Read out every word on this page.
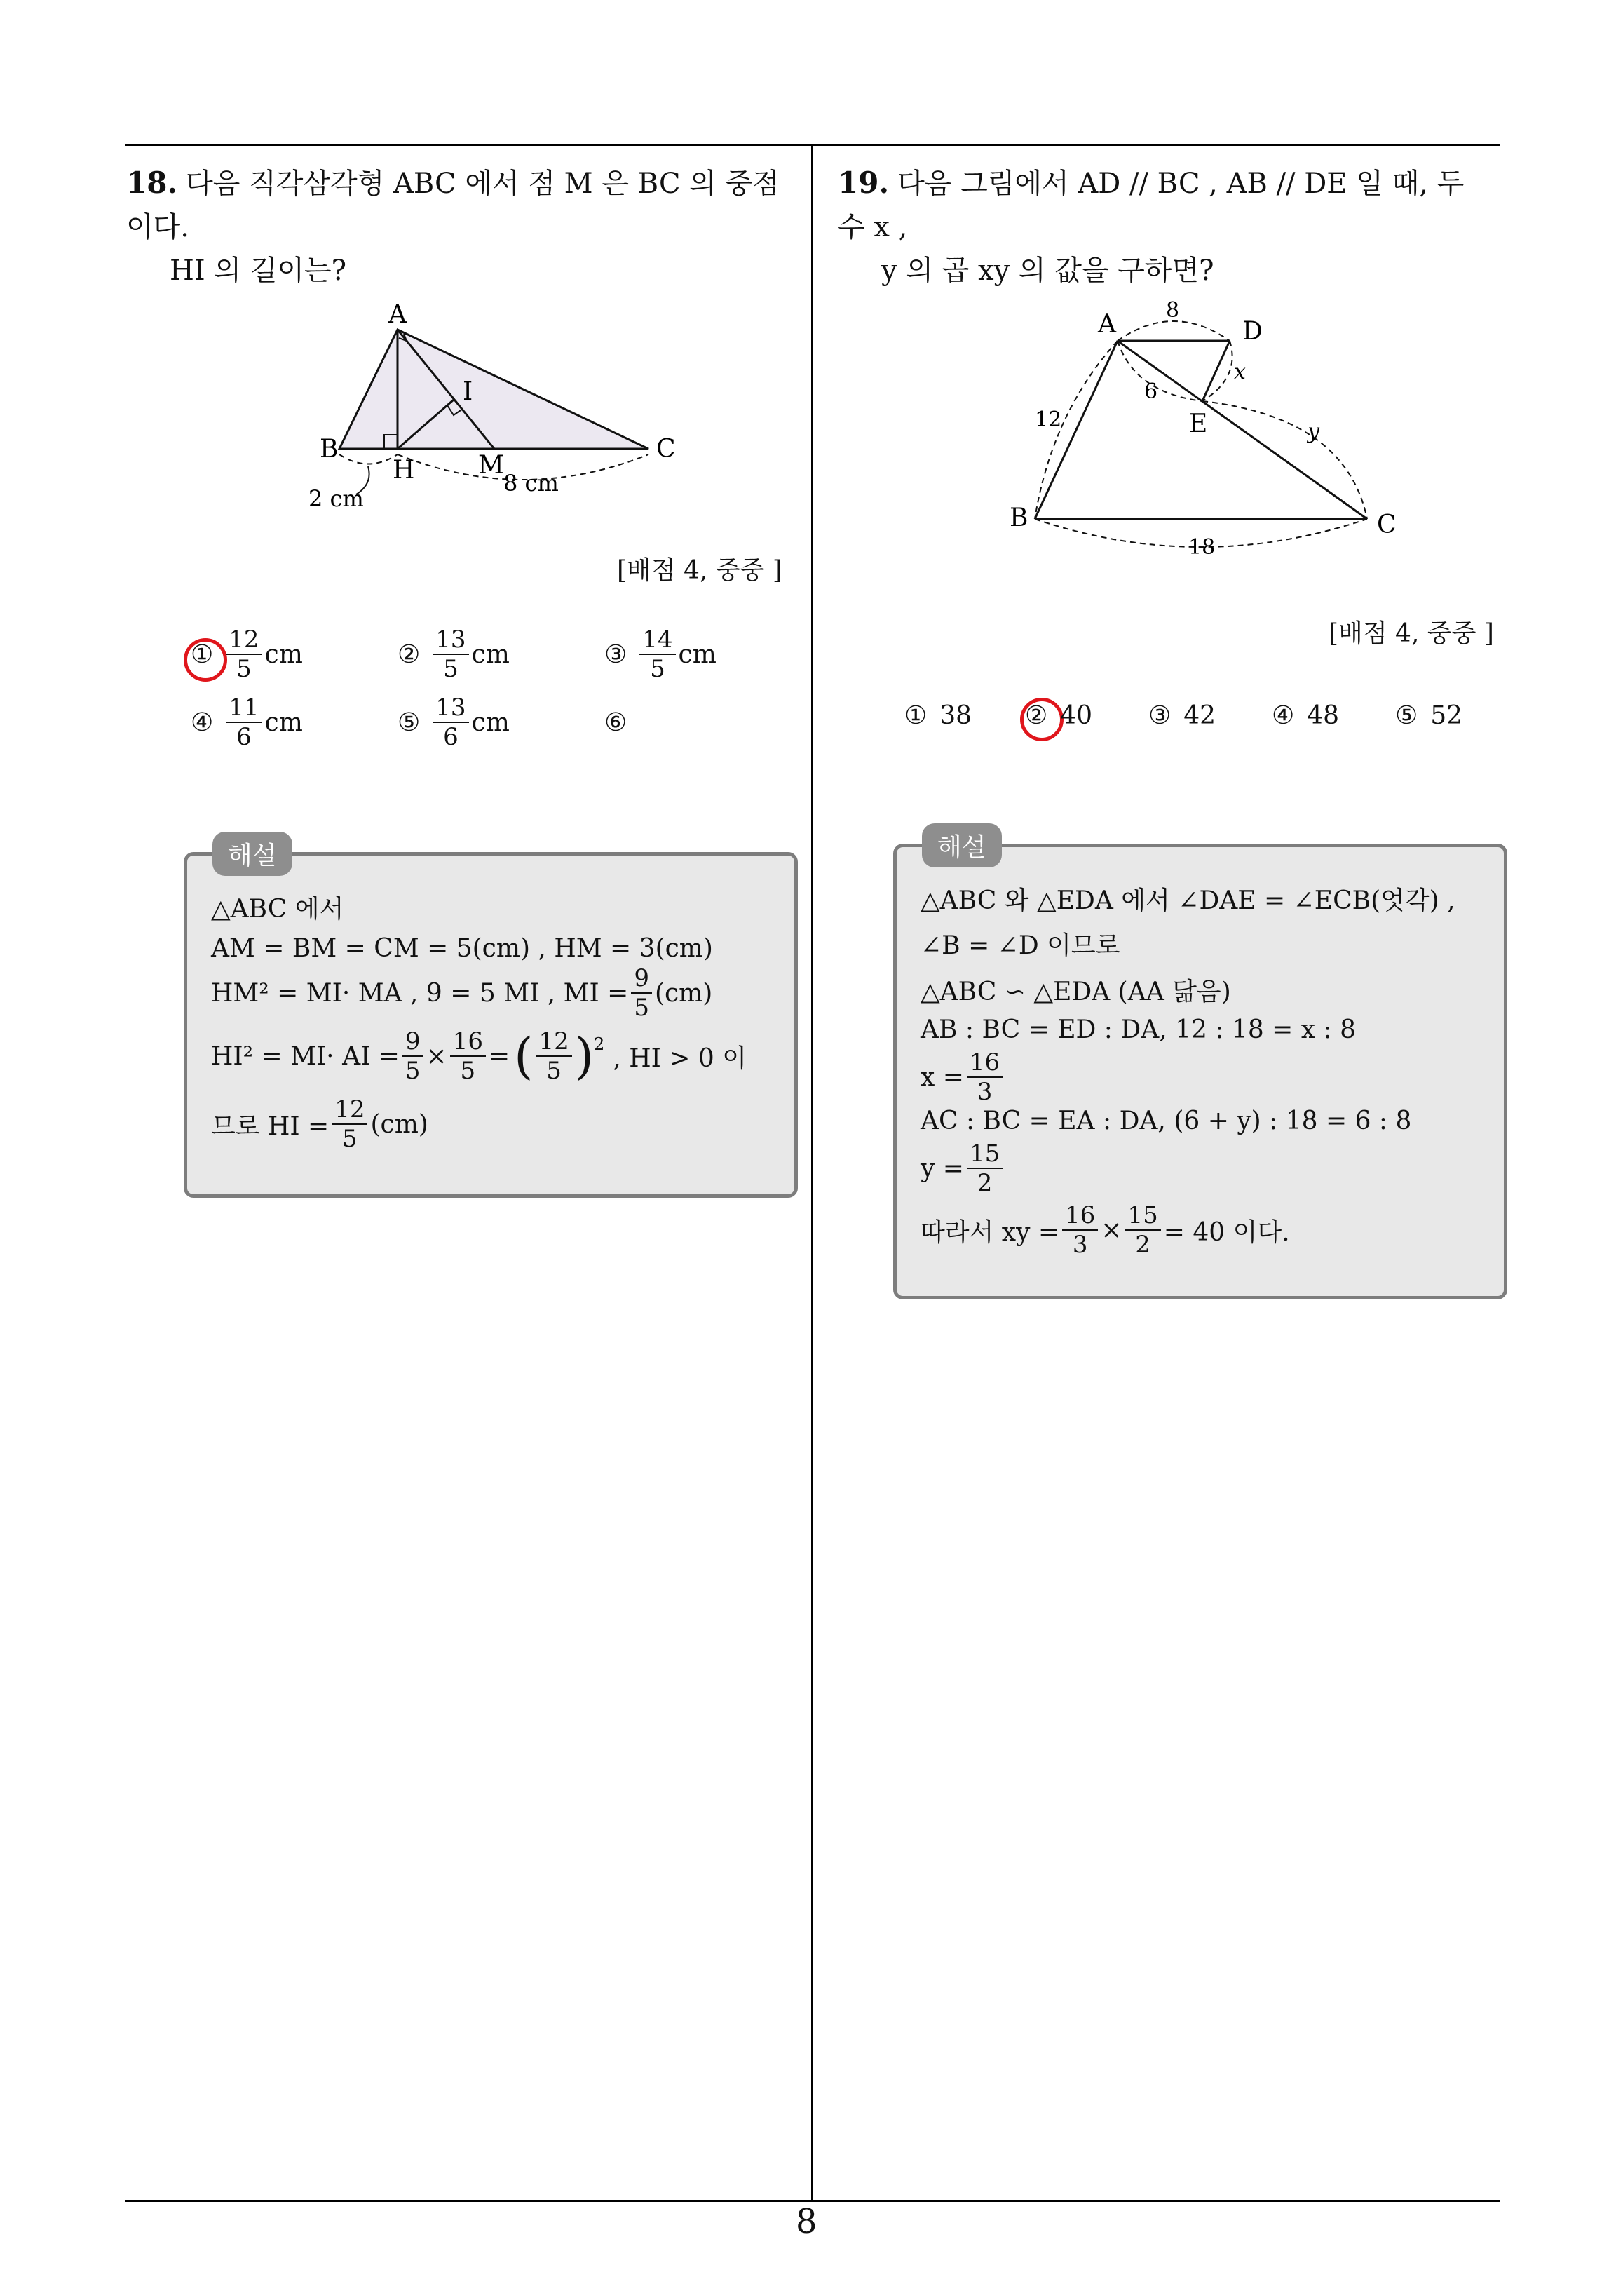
8
18. 다음 직각삼각형 ABC 에서 점 M 은 BC 의 중점이다.
HI 의 길이는?
A
B	C
H
I
M
2 cm
8 cm
[배점 4, 중중 ]
① $\frac{12}{5}$ cm	② $\frac{13}{5}$ cm	③ $\frac{14}{5}$ cm
④ $\frac{11}{6}$ cm	⑤ $\frac{13}{6}$ cm	⑥
해설
△ABC 에서
AM = BM = CM = 5(cm) , HM = 3(cm)
HM² = MI· MA , 9 = 5 MI , MI = $\frac{9}{5} (cm)$
HI² = MI· AI = $\frac{9}{5} \times \frac{16}{5}$ = ( $\frac{12}{5} )^2$ , HI > 0 이
므로 HI = $\frac{12}{5} (cm)$
19. 다음 그림에서 AD // BC , AB // DE 일 때, 두 수 x ,
y 의 곱 xy 의 값을 구하면?
A	D
B	C
E
8
6
12
x
y
18
[배점 4, 중중 ]
① 38 ② 40 ③ 42 ④ 48 ⑤ 52
해설
△ABC 와 △EDA 에서 ∠DAE = ∠ECB(엇각) ,
∠B = ∠D 이므로
△ABC ∽ △EDA (AA 닮음)
AB : BC = ED : DA, 12 : 18 = x : 8
$x = \frac{16}{3}$
AC : BC = EA : DA, (6 + y) : 18 = 6 : 8
$y = \frac{15}{2}$
따라서 xy = $\frac{16}{3} \times \frac{15}{2} = 40$ 이다.
